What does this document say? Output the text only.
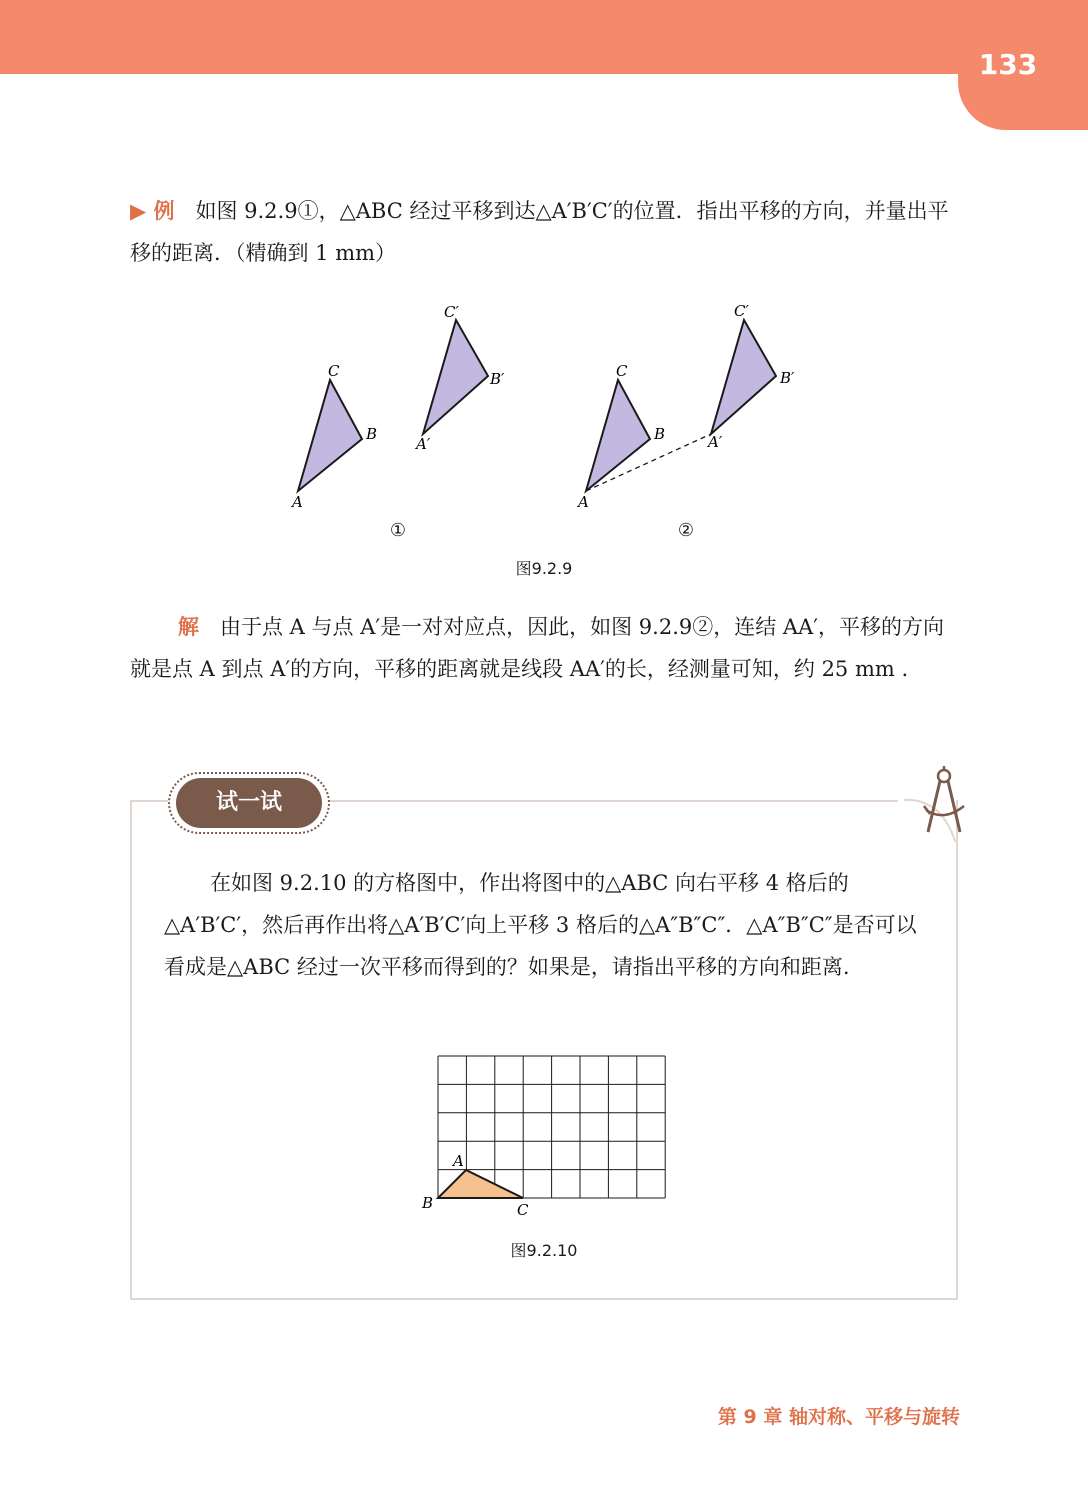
133

▶ 例　 如图 9.2.9①，△ABC 经过平移到达△A′B′C′的位置．指出平移的方向，并量出平移的距离．（精确到 1 mm）

A
B
C
A′
B′
C′
A
B
C
A′
B′
C′
①	②
图9.2.9

解　 由于点 A 与点 A′是一对对应点，因此，如图 9.2.9②，连结 AA′，平移的方向就是点 A 到点 A′的方向，平移的距离就是线段 AA′的长，经测量可知，约 25 mm .

试一试

在如图 9.2.10 的方格图中，作出将图中的△ABC 向右平移 4 格后的△A′B′C′，然后再作出将△A′B′C′向上平移 3 格后的△A″B″C″．△A″B″C″是否可以看成是△ABC 经过一次平移而得到的？如果是，请指出平移的方向和距离.

A
B	C
图9.2.10
第 9 章 轴对称、平移与旋转
